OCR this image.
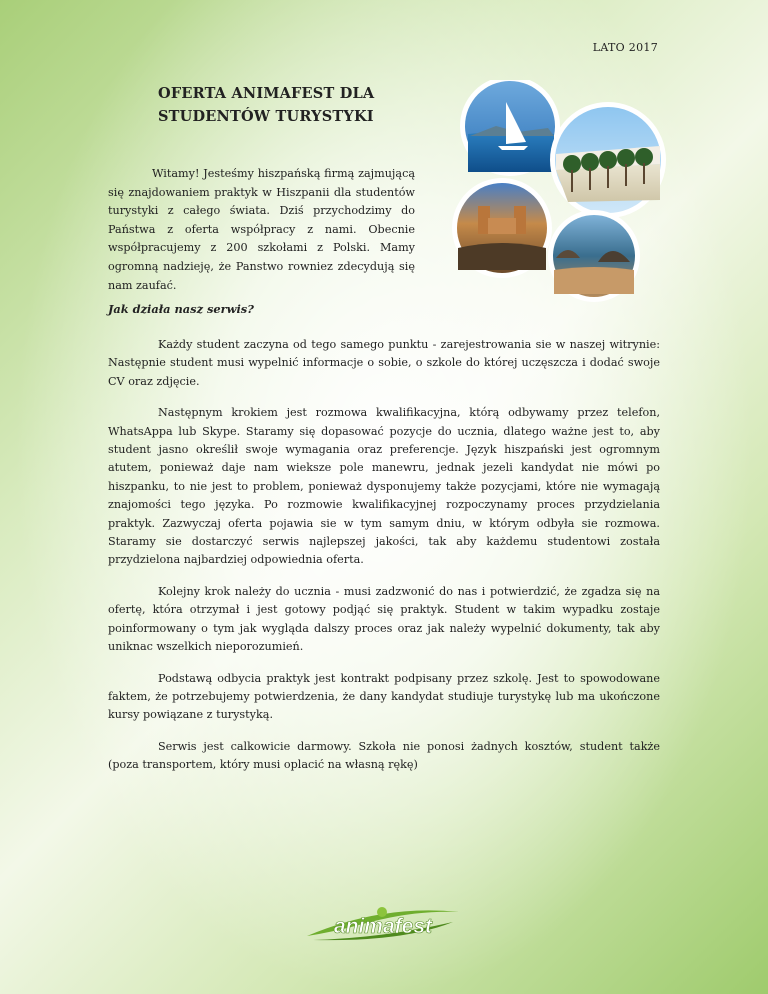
LATO 2017
OFERTA ANIMAFEST DLA
STUDENTÓW TURYSTYKI

Witamy! Jesteśmy hiszpańską firmą zajmującą się znajdowaniem praktyk w Hiszpanii dla studentów turystyki z całego świata. Dziś przychodzimy do Państwa z oferta współpracy z nami. Obecnie współpracujemy z 200 szkołami z Polski. Mamy ogromną nadzieję, że Panstwo rowniez zdecydują się nam zaufać.

Jak działa nasz serwis?

Każdy student zaczyna od tego samego punktu - zarejestrowania sie w naszej witrynie: Następnie student musi wypelnić informacje o sobie, o szkole do której uczęszcza i dodać swoje CV oraz zdjęcie.

Następnym krokiem jest rozmowa kwalifikacyjna, którą odbywamy przez telefon, WhatsAppa lub Skype. Staramy się dopasować pozycje do ucznia, dlatego ważne jest to, aby student jasno określił swoje wymagania oraz preferencje. Język hiszpański jest ogromnym atutem, ponieważ daje nam wieksze pole manewru, jednak jezeli kandydat nie mówi po hiszpanku, to nie jest to problem, ponieważ dysponujemy także pozycjami, które nie wymagają znajomości tego języka. Po rozmowie kwalifikacyjnej rozpoczynamy proces przydzielania praktyk. Zazwyczaj oferta pojawia sie w tym samym dniu, w którym odbyła sie rozmowa. Staramy sie dostarczyć serwis najlepszej jakości, tak aby każdemu studentowi została przydzielona najbardziej odpowiednia oferta.

Kolejny krok należy do ucznia - musi zadzwonić do nas i potwierdzić, że zgadza się na ofertę, która otrzymał i jest gotowy podjąć się praktyk. Student w takim wypadku zostaje poinformowany o tym jak wygląda dalszy proces oraz jak należy wypelnić dokumenty, tak aby uniknac wszelkich nieporozumień.

Podstawą odbycia praktyk jest kontrakt podpisany przez szkolę. Jest to spowodowane faktem, że potrzebujemy potwierdzenia, że dany kandydat studiuje turystykę lub ma ukończone kursy powiązane z turystyką.

Serwis jest calkowicie darmowy. Szkoła nie ponosi żadnych kosztów, student także (poza transportem, który musi oplacić na własną rękę)

animafest
